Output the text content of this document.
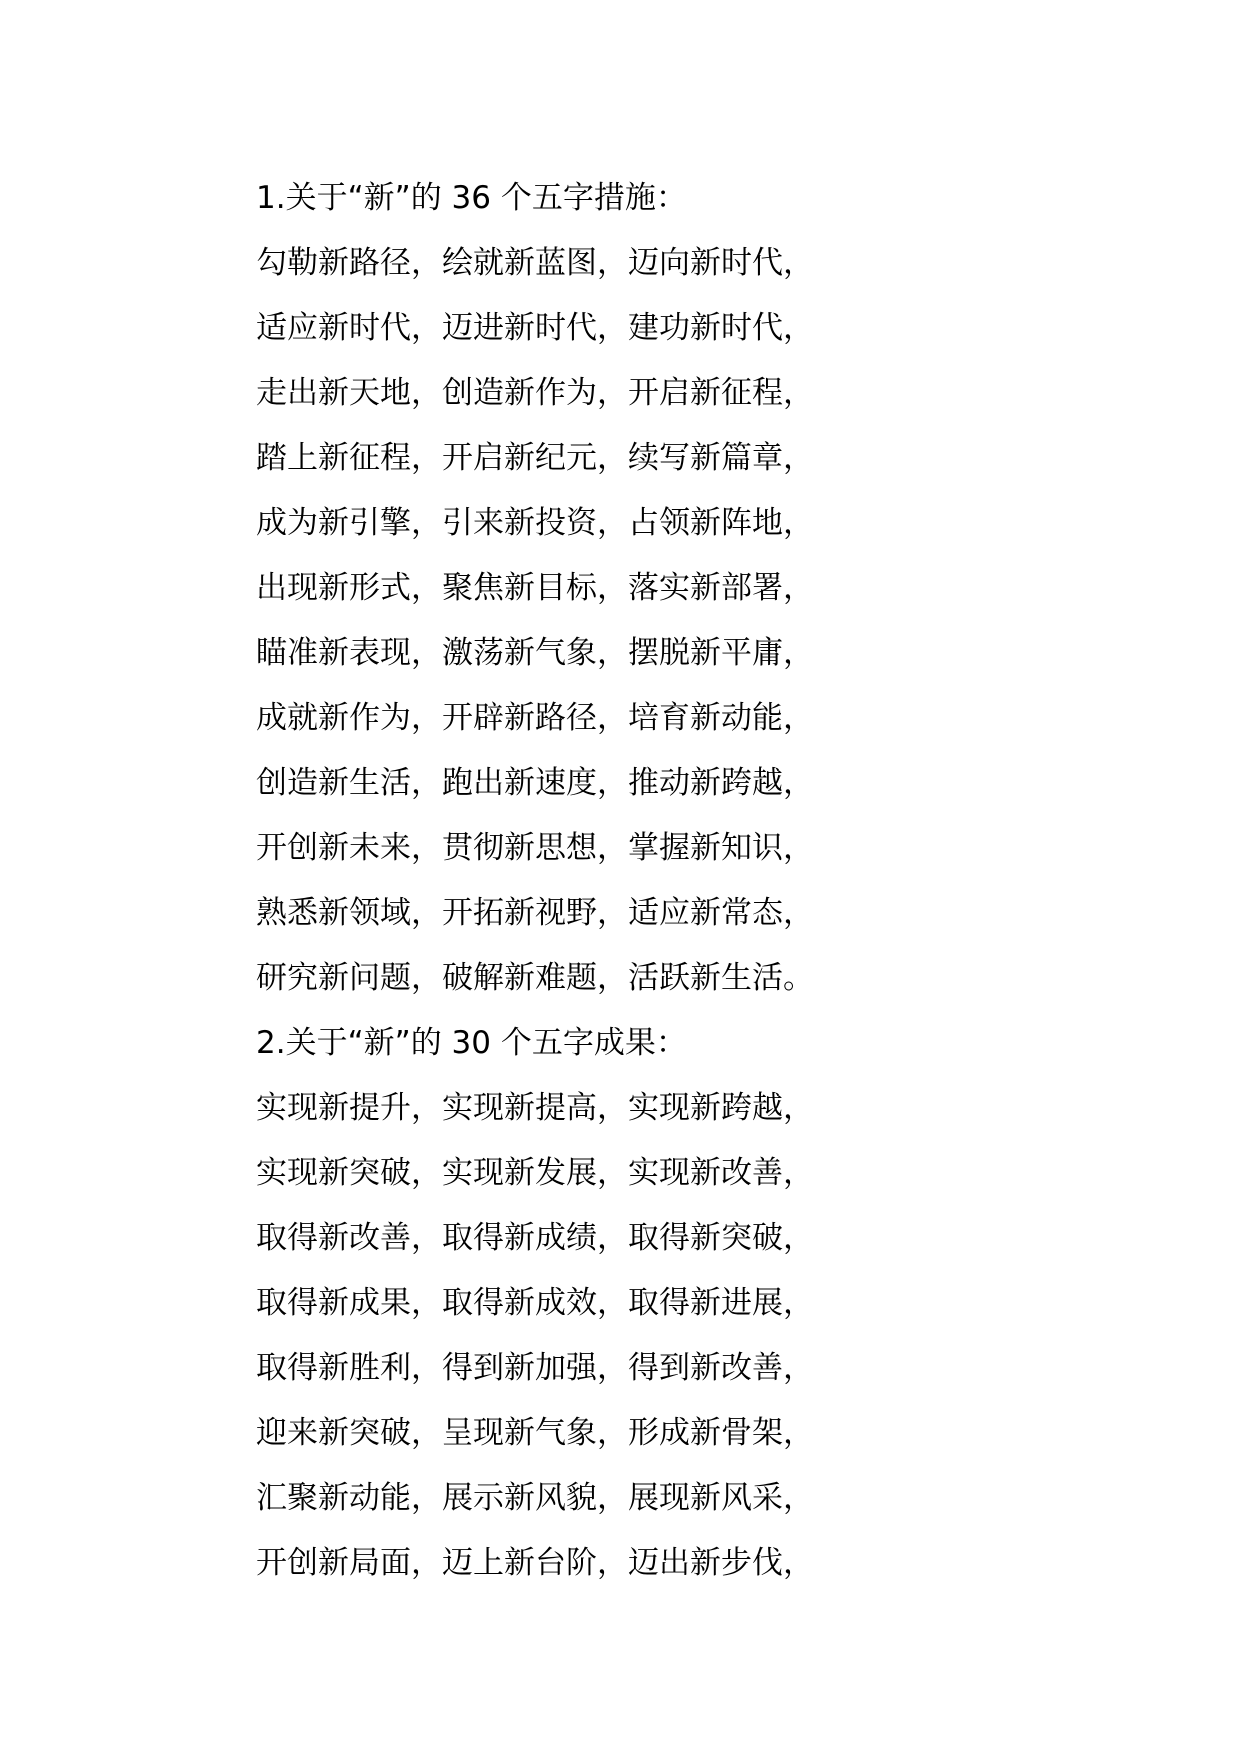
1.关于“新”的 36 个五字措施：
勾勒新路径，绘就新蓝图，迈向新时代，
适应新时代，迈进新时代，建功新时代，
走出新天地，创造新作为，开启新征程，
踏上新征程，开启新纪元，续写新篇章，
成为新引擎，引来新投资，占领新阵地，
出现新形式，聚焦新目标，落实新部署，
瞄准新表现，激荡新气象，摆脱新平庸，
成就新作为，开辟新路径，培育新动能，
创造新生活，跑出新速度，推动新跨越，
开创新未来，贯彻新思想，掌握新知识，
熟悉新领域，开拓新视野，适应新常态，
研究新问题，破解新难题，活跃新生活。
2.关于“新”的 30 个五字成果：
实现新提升，实现新提高，实现新跨越，
实现新突破，实现新发展，实现新改善，
取得新改善，取得新成绩，取得新突破，
取得新成果，取得新成效，取得新进展，
取得新胜利，得到新加强，得到新改善，
迎来新突破，呈现新气象，形成新骨架，
汇聚新动能，展示新风貌，展现新风采，
开创新局面，迈上新台阶，迈出新步伐，
